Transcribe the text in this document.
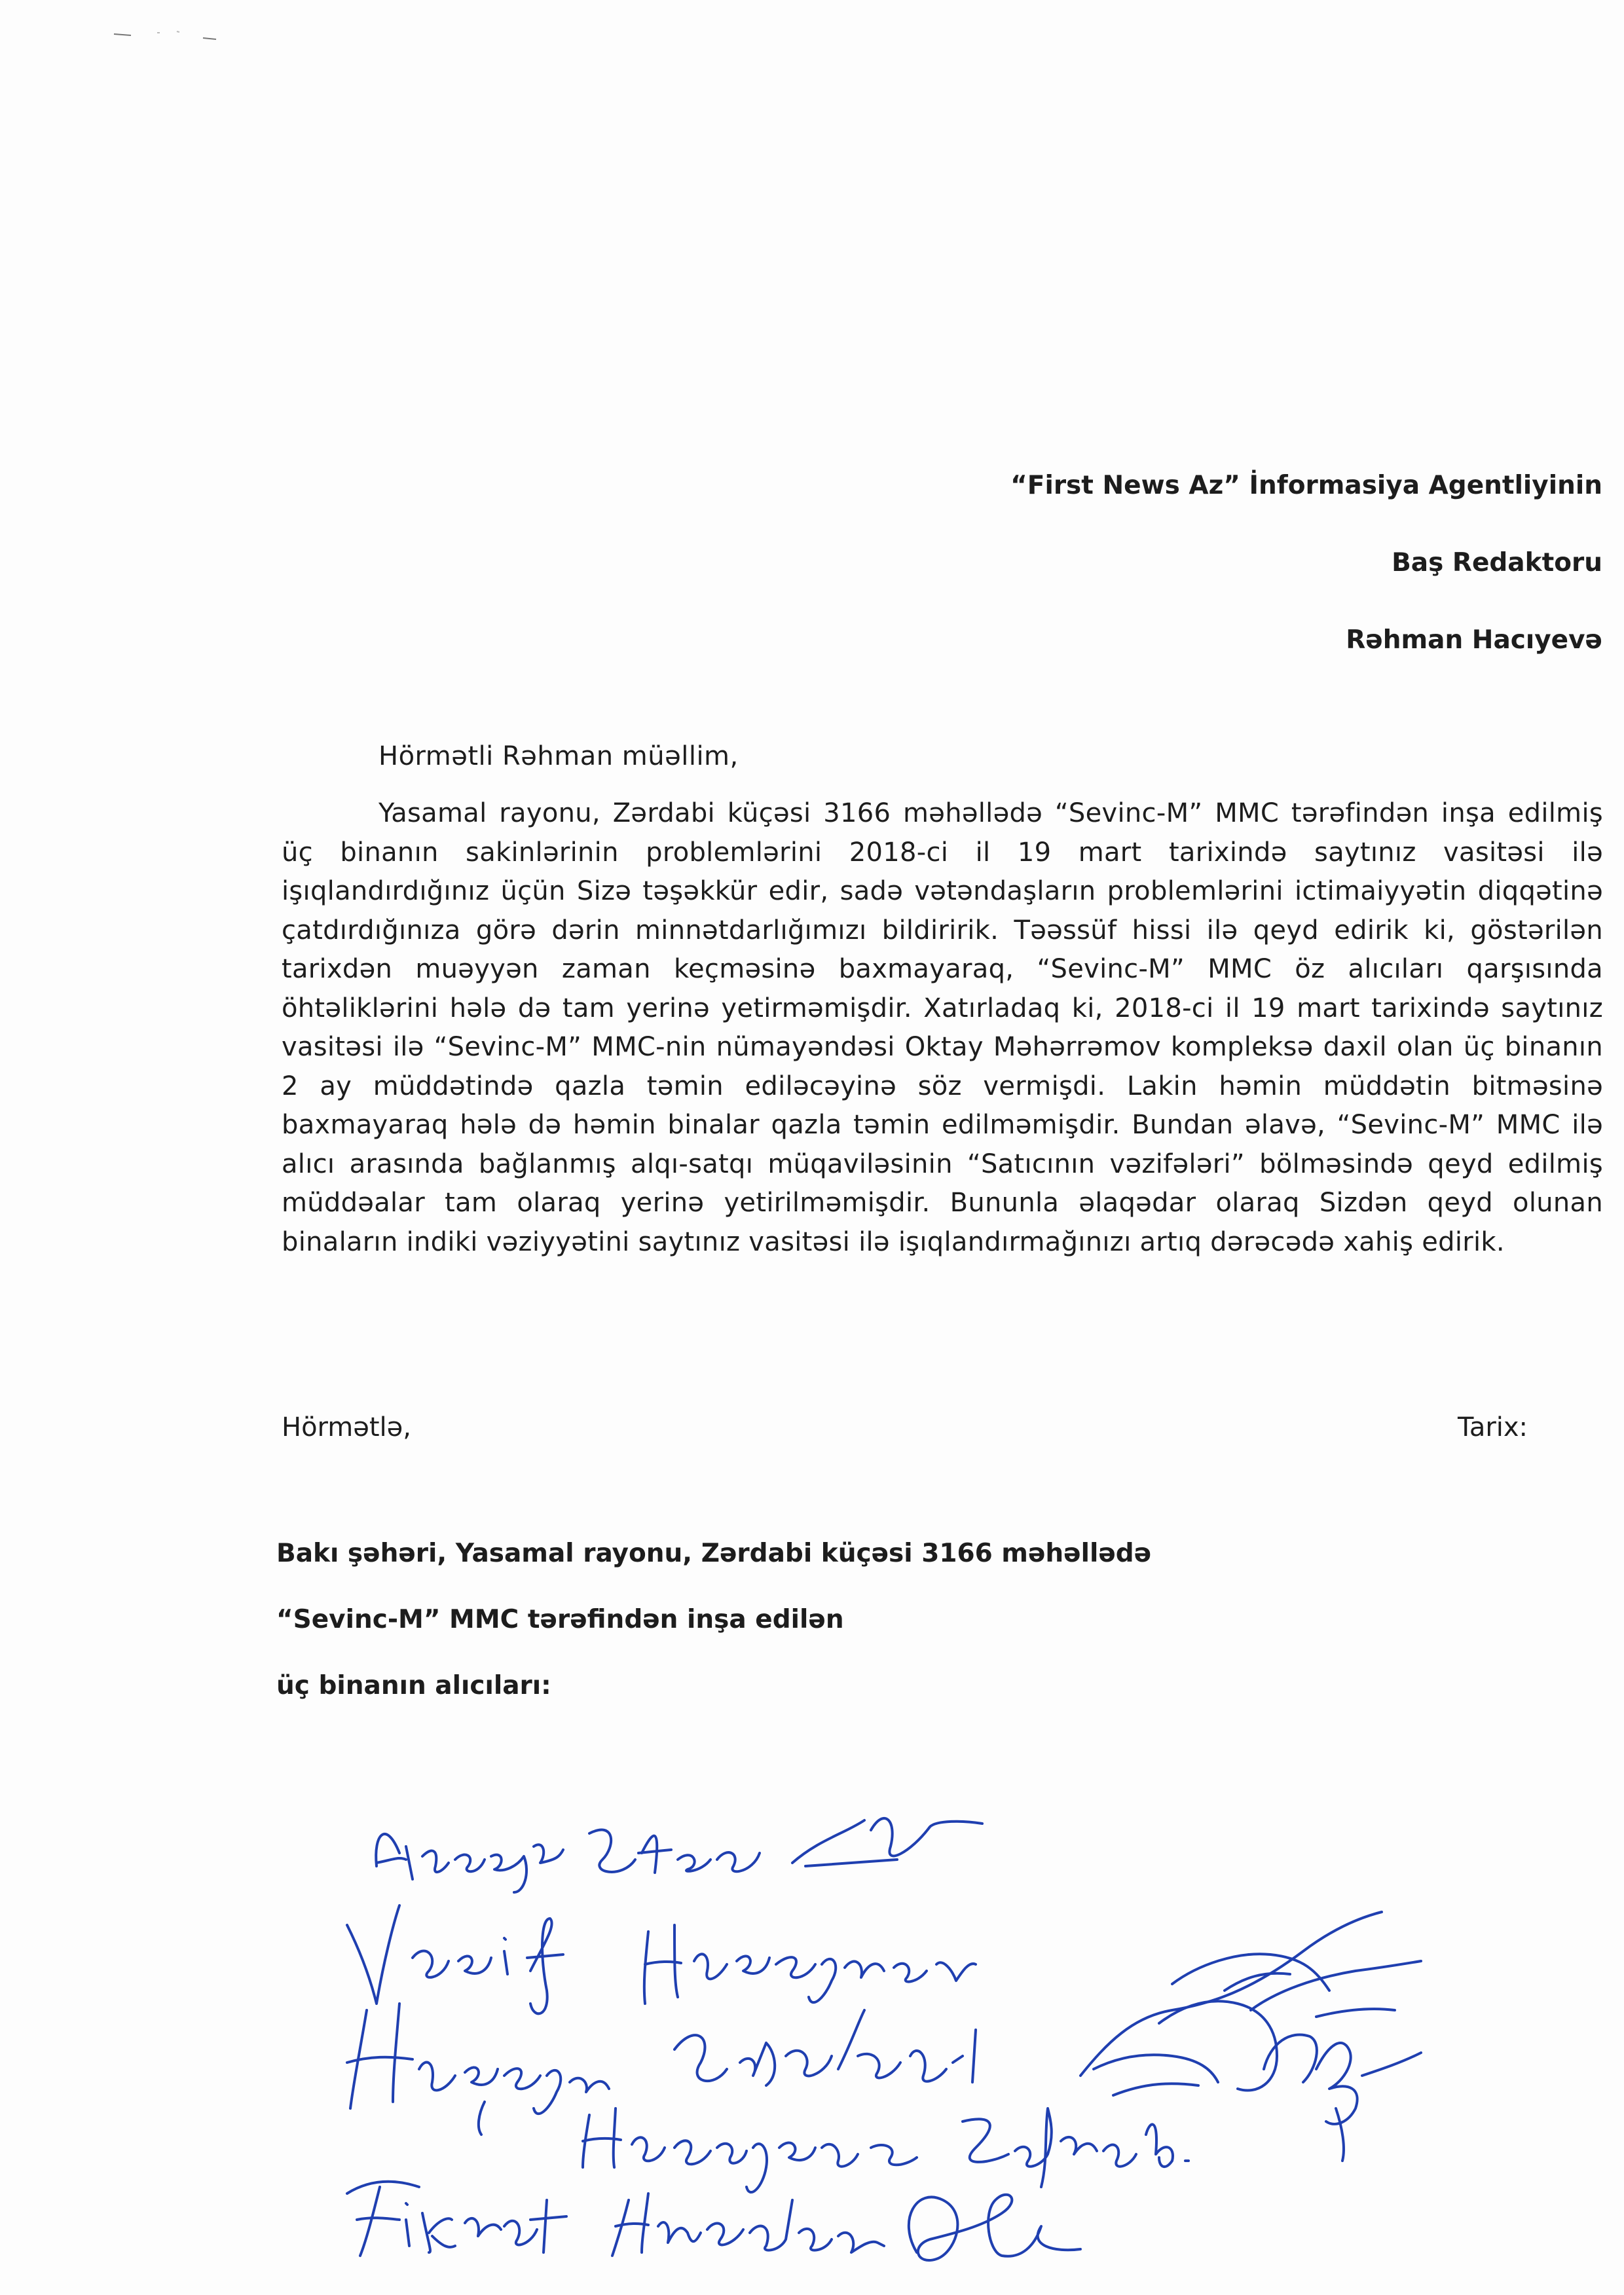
“First News Az” İnformasiya Agentliyinin
Baş Redaktoru
Rəhman Hacıyevə
Hörmətli Rəhman müəllim,

Yasamal rayonu, Zərdabi küçəsi 3166 məhəllədə “Sevinc-M” MMC tərəfindən inşa edilmiş üç binanın sakinlərinin problemlərini 2018-ci il 19 mart tarixində saytınız vasitəsi ilə işıqlandırdığınız üçün Sizə təşəkkür edir, sadə vətəndaşların problemlərini ictimaiyyətin diqqətinə çatdırdığınıza görə dərin minnətdarlığımızı bildiririk. Təəssüf hissi ilə qeyd edirik ki, göstərilən tarixdən muəyyən zaman keçməsinə baxmayaraq, “Sevinc-M” MMC öz alıcıları qarşısında öhtəliklərini hələ də tam yerinə yetirməmişdir. Xatırladaq ki, 2018-ci il 19 mart tarixində saytınız vasitəsi ilə “Sevinc-M” MMC-nin nümayəndəsi Oktay Məhərrəmov kompleksə daxil olan üç binanın 2 ay müddətində qazla təmin ediləcəyinə söz vermişdi. Lakin həmin müddətin bitməsinə baxmayaraq hələ də həmin binalar qazla təmin edilməmişdir. Bundan əlavə, “Sevinc-M” MMC ilə alıcı arasında bağlanmış alqı-satqı müqaviləsinin “Satıcının vəzifələri” bölməsində qeyd edilmiş müddəalar tam olaraq yerinə yetirilməmişdir. Bununla əlaqədar olaraq Sizdən qeyd olunan binaların indiki vəziyyətini saytınız vasitəsi ilə işıqlandırmağınızı artıq dərəcədə xahiş edirik.

Hörmətlə,	Tarix:
Bakı şəhəri, Yasamal rayonu, Zərdabi küçəsi 3166 məhəllədə
“Sevinc-M” MMC tərəfindən inşa edilən
üç binanın alıcıları:
